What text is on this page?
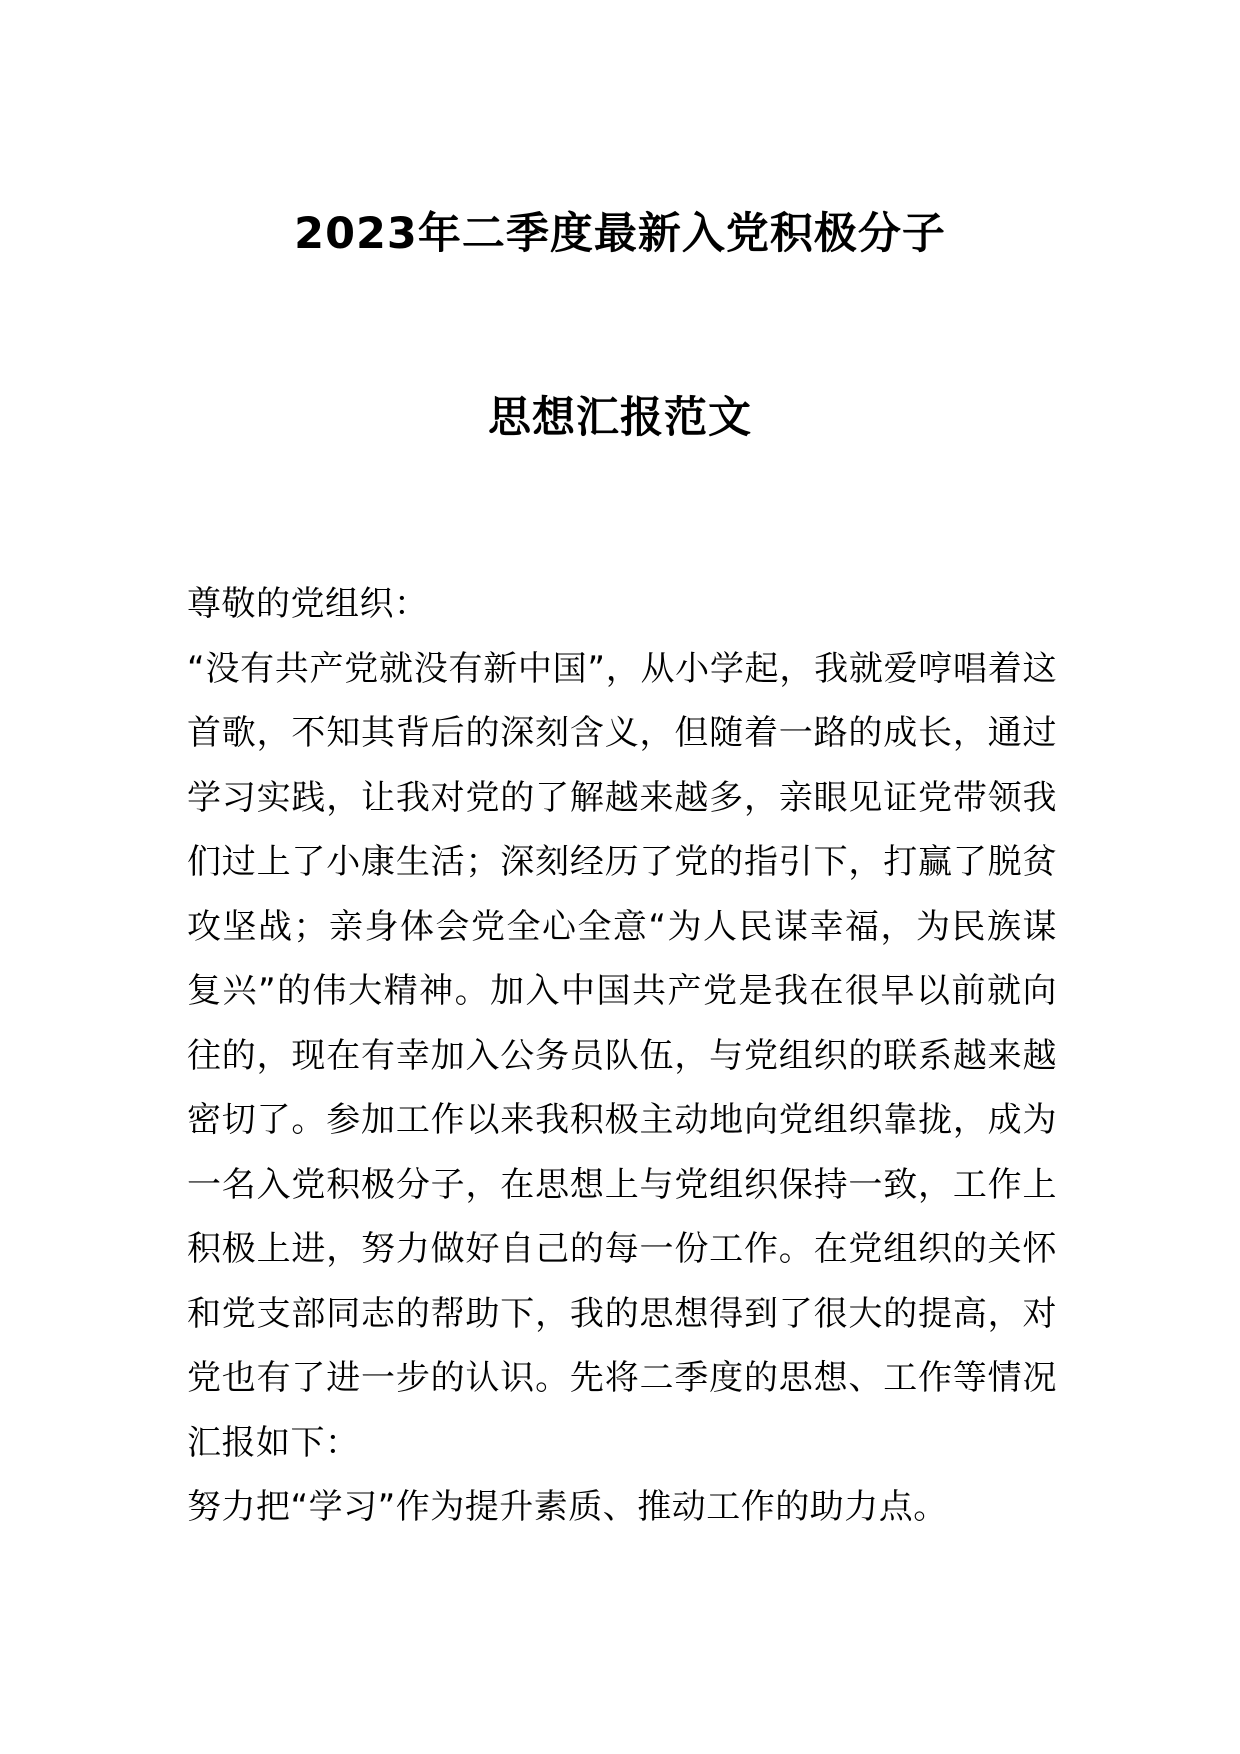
2023年二季度最新入党积极分子
思想汇报范文

尊敬的党组织：

“没有共产党就没有新中国”，从小学起，我就爱哼唱着这首歌，不知其背后的深刻含义，但随着一路的成长，通过学习实践，让我对党的了解越来越多，亲眼见证党带领我们过上了小康生活；深刻经历了党的指引下，打赢了脱贫攻坚战；亲身体会党全心全意“为人民谋幸福，为民族谋复兴”的伟大精神。加入中国共产党是我在很早以前就向往的，现在有幸加入公务员队伍，与党组织的联系越来越密切了。参加工作以来我积极主动地向党组织靠拢，成为一名入党积极分子，在思想上与党组织保持一致，工作上积极上进，努力做好自己的每一份工作。在党组织的关怀和党支部同志的帮助下，我的思想得到了很大的提高，对党也有了进一步的认识。先将二季度的思想、工作等情况汇报如下：

努力把“学习”作为提升素质、推动工作的助力点。
